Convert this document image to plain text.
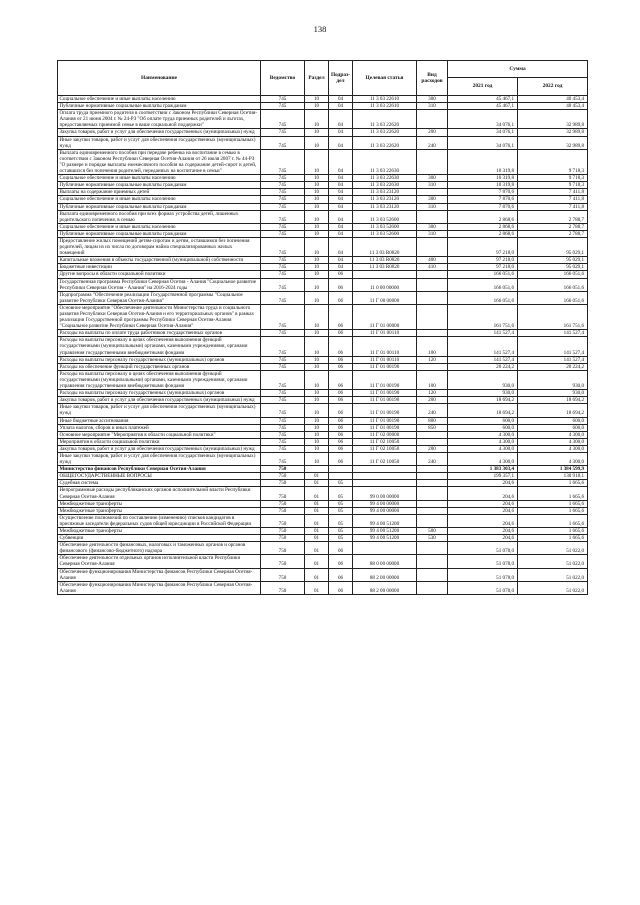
138
Наименование	Ведомство	Раздел	Подраз-дел	Целевая статья	Вид расходов	Сумма	
						2021 год	2022 год
Социальное обеспечение и иные выплаты населению	745	10	04	11 3 03 22610	300	45 467,1	40 453,4
Публичные нормативные социальные выплаты гражданам	745	10	04	11 3 03 22610	310	45 467,1	40 453,4
Оплата труда приемного родителя в соответствии с Законом Республики Северная Осетия-Алания от 21 июня 2004 г. № 24-РЗ "Об оплате труда приемных родителей и льготах, предоставляемых приемной семье в ваше социальной поддержки"	745	10	04	11 3 03 22620		34 076,1	32 989,8
Закупка товаров, работ и услуг для обеспечения государственных (муниципальных) нужд	745	10	04	11 3 03 22620	200	34 076,1	32 989,8
Иные закупки товаров, работ и услуг для обеспечения государственных (муниципальных) нужд	745	10	04	11 3 03 22620	240	34 076,1	32 989,8
Выплата единовременного пособия при передаче ребенка на воспитание в семью в соответствии с Законом Республики Северная Осетия-Алания от 26 июля 2007 г. № 44-РЗ "О размере и порядке выплаты ежемесячного пособия на содержание детей-сирот и детей, оставшихся без попечения родителей, переданных на воспитание в семьи"	745	10	04	11 3 03 22630		10 319,8	9 718,3
Социальное обеспечение и иные выплаты населению	745	10	04	11 3 03 22630	300	10 319,8	9 718,3
Публичные нормативные социальные выплаты гражданам	745	10	04	11 3 03 22630	310	10 319,8	9 718,3
Выплаты на содержание приемных детей	745	10	04	11 3 03 23120		7 870,6	7 411,8
Социальное обеспечение и иные выплаты населению	745	10	04	11 3 03 23120	300	7 870,6	7 411,8
Публичные нормативные социальные выплаты гражданам	745	10	04	11 3 03 23120	310	7 870,6	7 411,8
Выплата единовременного пособия при всех формах устройства детей, лишенных родительского попечения, в семью	745	10	04	11 3 03 52600		2 868,6	2 788,7
Социальное обеспечение и иные выплаты населению	745	10	04	11 3 03 52600	300	2 868,6	2 788,7
Публичные нормативные социальные выплаты гражданам	745	10	04	11 3 03 52600	310	2 868,6	2 788,7
Предоставление жилых помещений детям-сиротам и детям, оставшимся без попечения родителей, лицам из их числа по договорам найма специализированных жилых помещений	745	10	04	11 3 03 R0820		97 218,0	95 029,1
Капитальные вложения в объекты государственной (муниципальной) собственности	745	10	04	11 3 03 R0820	400	97 218,0	95 029,1
Бюджетные инвестиции	745	10	04	11 3 03 R0820	410	97 218,0	95 029,1
Другие вопросы в области социальной политики	745	10	06			166 051,6	166 051,6
Государственная программа Республики Северная Осетия - Алания "Социальное развитие Республики Северная Осетия - Алания" на 2016-2024 годы	745	10	06	11 0 00 00000		166 051,6	166 051,6
Подпрограмма "Обеспечение реализации Государственной программы "Социальное развитие Республики Северная Осетия-Алания"	745	10	06	11 Г 00 00000		166 051,6	166 051,6
Основное мероприятие "Обеспечение деятельности Министерства труда и социального развития Республики Северная Осетия-Алания и его территориальных органов" в рамках реализации Государственной программы Республики Северная Осетия-Алания "Социальное развитие Республики Северная Осетия-Алания"	745	10	06	11 Г 01 00000		161 751,6	161 751,6
Расходы на выплаты по оплате труда работников государственных органов	745	10	06	11 Г 01 00110		141 527,4	141 527,4
Расходы на выплаты персоналу в целях обеспечения выполнения функций государственными (муниципальными) органами, казенными учреждениями, органами управления государственными внебюджетными фондами	745	10	06	11 Г 01 00110	100	141 527,4	141 527,4
Расходы на выплаты персоналу государственных (муниципальных) органов	745	10	06	11 Г 01 00110	120	141 527,4	141 527,4
Расходы на обеспечение функций государственных органов	745	10	06	11 Г 01 00190		20 224,2	20 224,2
Расходы на выплаты персоналу в целях обеспечения выполнения функций государственными (муниципальными) органами, казенными учреждениями, органами управления государственными внебюджетными фондами	745	10	06	11 Г 01 00190	100	930,0	930,0
Расходы на выплаты персоналу государственных (муниципальных) органов	745	10	06	11 Г 01 00190	120	930,0	930,0
Закупка товаров, работ и услуг для обеспечения государственных (муниципальных) нужд	745	10	06	11 Г 01 00190	200	18 694,2	18 694,2
Иные закупки товаров, работ и услуг для обеспечения государственных (муниципальных) нужд	745	10	06	11 Г 01 00190	240	18 694,2	18 694,2
Иные бюджетные ассигнования	745	10	06	11 Г 01 00190	800	600,0	600,0
Уплата налогов, сборов и иных платежей	745	10	06	11 Г 01 00190	850	600,0	600,0
Основное мероприятие "Мероприятия в области социальной политики"	745	10	06	11 Г 02 00000		4 300,0	4 300,0
Мероприятия в области социальной политики	745	10	06	11 Г 02 10050		4 300,0	4 300,0
Закупка товаров, работ и услуг для обеспечения государственных (муниципальных) нужд	745	10	06	11 Г 02 10050	200	4 300,0	4 300,0
Иные закупки товаров, работ и услуг для обеспечения государственных (муниципальных) нужд	745	10	06	11 Г 02 10050	240	4 300,0	4 300,0
Министерство финансов Республики Северная Осетия-Алания	750					1 383 303,4	1 384 599,9
ОБЩЕГОСУДАРСТВЕННЫЕ ВОПРОСЫ	750	01				199 357,1	130 918,1
Судебная система	750	01	05			204,6	1 665,6
Непрограммные расходы республиканских органов исполнительной власти Республики Северная Осетия-Алания	750	01	05	99 0 00 00000		204,6	1 665,6
Межбюджетные трансферты	750	01	05	99 4 00 00000		204,6	1 665,6
Межбюджетные трансферты	750	01	05	99 4 00 00000		204,6	1 665,6
Осуществление полномочий по составлению (изменению) списков кандидатов в присяжные заседатели федеральных судов общей юрисдикции в Российской Федерации	750	01	05	99 4 00 51200		204,6	1 665,6
Межбюджетные трансферты	750	01	05	99 4 00 51200	500	204,6	1 665,6
Субвенции	750	01	05	99 4 00 51200	530	204,6	1 665,6
Обеспечение деятельности финансовых, налоговых и таможенных органов и органов финансового (финансово-бюджетного) надзора	750	01	06			51 078,0	51 022,0
Обеспечение деятельности отдельных органов исполнительной власти Республики Северная Осетия-Алания	750	01	06	88 0 00 00000		51 078,0	51 022,0
Обеспечение функционирования Министерства финансов Республики Северная Осетия-Алания	750	01	06	88 2 00 00000		51 078,0	51 022,0
Обеспечение функционирования Министерства финансов Республики Северная Осетия-Алания	750	01	06	88 2 00 00000		51 078,0	51 022,0
